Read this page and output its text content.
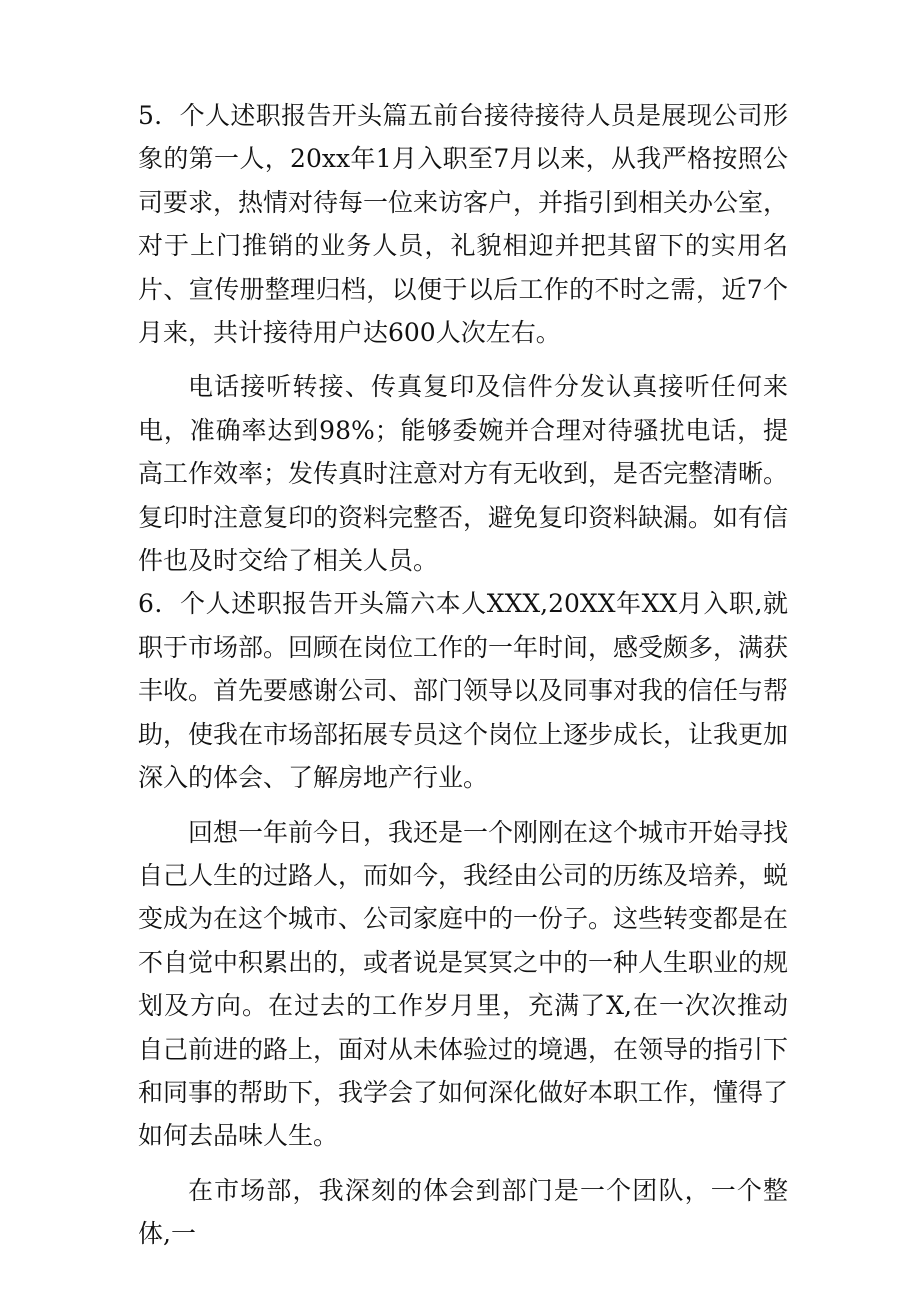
5．个人述职报告开头篇五前台接待接待人员是展现公司形象的第一人，20xx年1月入职至7月以来，从我严格按照公司要求，热情对待每一位来访客户，并指引到相关办公室，对于上门推销的业务人员，礼貌相迎并把其留下的实用名片、宣传册整理归档，以便于以后工作的不时之需，近7个月来，共计接待用户达600人次左右。

电话接听转接、传真复印及信件分发认真接听任何来电，准确率达到98%；能够委婉并合理对待骚扰电话，提高工作效率；发传真时注意对方有无收到，是否完整清晰。复印时注意复印的资料完整否，避免复印资料缺漏。如有信件也及时交给了相关人员。

6．个人述职报告开头篇六本人XXX,20XX年XX月入职,就职于市场部。回顾在岗位工作的一年时间，感受颇多，满获丰收。首先要感谢公司、部门领导以及同事对我的信任与帮助，使我在市场部拓展专员这个岗位上逐步成长，让我更加深入的体会、了解房地产行业。

回想一年前今日，我还是一个刚刚在这个城市开始寻找自己人生的过路人，而如今，我经由公司的历练及培养，蜕变成为在这个城市、公司家庭中的一份子。这些转变都是在不自觉中积累出的，或者说是冥冥之中的一种人生职业的规划及方向。在过去的工作岁月里，充满了X,在一次次推动自己前进的路上，面对从未体验过的境遇，在领导的指引下和同事的帮助下，我学会了如何深化做好本职工作，懂得了如何去品味人生。

在市场部，我深刻的体会到部门是一个团队，一个整体,一
